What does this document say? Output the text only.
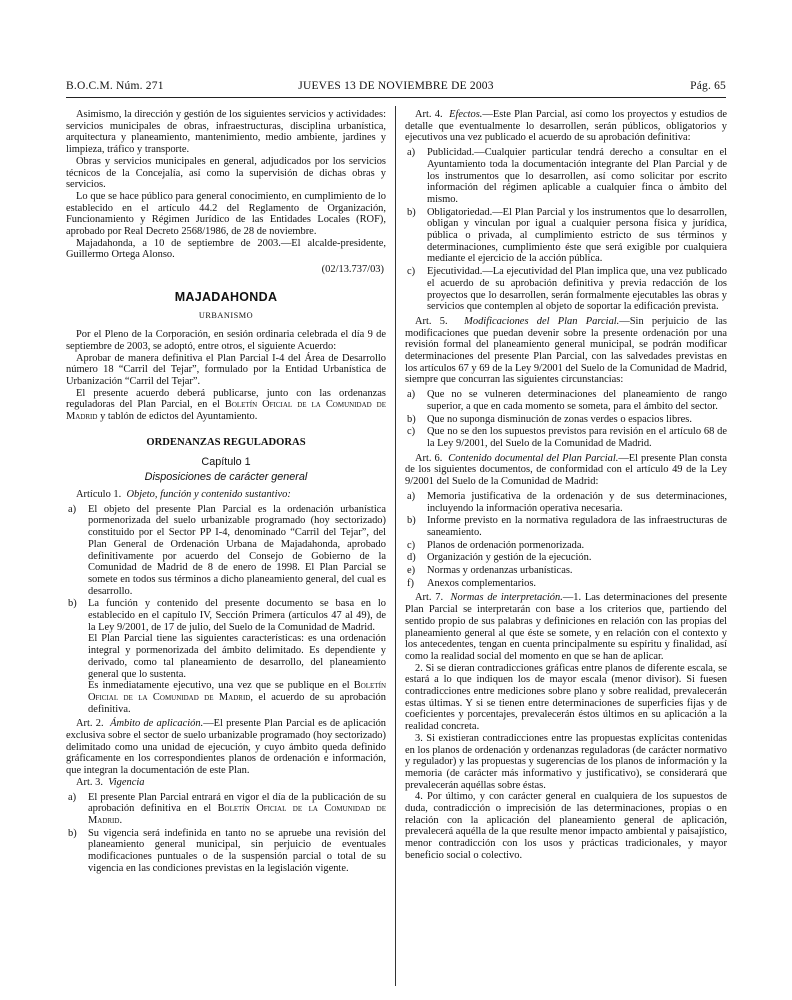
B.O.C.M. Núm. 271	JUEVES 13 DE NOVIEMBRE DE 2003	Pág. 65

Asimismo, la dirección y gestión de los siguientes servicios y actividades: servicios municipales de obras, infraestructuras, disciplina urbanística, arquitectura y planeamiento, mantenimiento, medio ambiente, jardines y limpieza, tráfico y transporte.

Obras y servicios municipales en general, adjudicados por los servicios técnicos de la Concejalía, así como la supervisión de dichas obras y servicios.

Lo que se hace público para general conocimiento, en cumplimiento de lo establecido en el artículo 44.2 del Reglamento de Organización, Funcionamiento y Régimen Jurídico de las Entidades Locales (ROF), aprobado por Real Decreto 2568/1986, de 28 de noviembre.

Majadahonda, a 10 de septiembre de 2003.—El alcalde-presidente, Guillermo Ortega Alonso.

(02/13.737/03)

MAJADAHONDA
URBANISMO

Por el Pleno de la Corporación, en sesión ordinaria celebrada el día 9 de septiembre de 2003, se adoptó, entre otros, el siguiente Acuerdo:

Aprobar de manera definitiva el Plan Parcial I-4 del Área de Desarrollo número 18 “Carril del Tejar”, formulado por la Entidad Urbanística de Urbanización “Carril del Tejar”.

El presente acuerdo deberá publicarse, junto con las ordenanzas reguladoras del Plan Parcial, en el Boletín Oficial de la Comunidad de Madrid y tablón de edictos del Ayuntamiento.

ORDENANZAS REGULADORAS
Capítulo 1
Disposiciones de carácter general

Artículo 1. Objeto, función y contenido sustantivo:

a)	El objeto del presente Plan Parcial es la ordenación urbanística pormenorizada del suelo urbanizable programado (hoy sectorizado) constituido por el Sector PP I-4, denominado “Carril del Tejar”, del Plan General de Ordenación Urbana de Majadahonda, aprobado definitivamente por acuerdo del Consejo de Gobierno de la Comunidad de Madrid de 8 de enero de 1998. El Plan Parcial se somete en todos sus términos a dicho planeamiento general, del cual es desarrollo.
b)	La función y contenido del presente documento se basa en lo establecido en el capítulo IV, Sección Primera (artículos 47 al 49), de la Ley 9/2001, de 17 de julio, del Suelo de la Comunidad de Madrid.

El Plan Parcial tiene las siguientes características: es una ordenación integral y pormenorizada del ámbito delimitado. Es dependiente y derivado, como tal planeamiento de desarrollo, del planeamiento general que lo sustenta.

Es inmediatamente ejecutivo, una vez que se publique en el Boletín Oficial de la Comunidad de Madrid, el acuerdo de su aprobación definitiva.

Art. 2. Ámbito de aplicación.—El presente Plan Parcial es de aplicación exclusiva sobre el sector de suelo urbanizable programado (hoy sectorizado) delimitado como una unidad de ejecución, y cuyo ámbito queda definido gráficamente en los correspondientes planos de ordenación e información, que integran la documentación de este Plan.

Art. 3. Vigencia

a)	El presente Plan Parcial entrará en vigor el día de la publicación de su aprobación definitiva en el Boletín Oficial de la Comunidad de Madrid.
b)	Su vigencia será indefinida en tanto no se apruebe una revisión del planeamiento general municipal, sin perjuicio de eventuales modificaciones puntuales o de la suspensión parcial o total de su vigencia en las condiciones previstas en la legislación vigente.

Art. 4. Efectos.—Este Plan Parcial, así como los proyectos y estudios de detalle que eventualmente lo desarrollen, serán públicos, obligatorios y ejecutivos una vez publicado el acuerdo de su aprobación definitiva:

a)	Publicidad.—Cualquier particular tendrá derecho a consultar en el Ayuntamiento toda la documentación integrante del Plan Parcial y de los instrumentos que lo desarrollen, así como solicitar por escrito información del régimen aplicable a cualquier finca o ámbito del mismo.
b)	Obligatoriedad.—El Plan Parcial y los instrumentos que lo desarrollen, obligan y vinculan por igual a cualquier persona física y jurídica, pública o privada, al cumplimiento estricto de sus términos y determinaciones, cumplimiento éste que será exigible por cualquiera mediante el ejercicio de la acción pública.
c)	Ejecutividad.—La ejecutividad del Plan implica que, una vez publicado el acuerdo de su aprobación definitiva y previa redacción de los proyectos que lo desarrollen, serán formalmente ejecutables las obras y servicios que contemplen al objeto de soportar la edificación prevista.

Art. 5. Modificaciones del Plan Parcial.—Sin perjuicio de las modificaciones que puedan devenir sobre la presente ordenación por una revisión formal del planeamiento general municipal, se podrán modificar determinaciones del presente Plan Parcial, con las salvedades previstas en los artículos 67 y 69 de la Ley 9/2001 del Suelo de la Comunidad de Madrid, siempre que concurran las siguientes circunstancias:

a)	Que no se vulneren determinaciones del planeamiento de rango superior, a que en cada momento se someta, para el ámbito del sector.
b)	Que no suponga disminución de zonas verdes o espacios libres.
c)	Que no se den los supuestos previstos para revisión en el artículo 68 de la Ley 9/2001, del Suelo de la Comunidad de Madrid.

Art. 6. Contenido documental del Plan Parcial.—El presente Plan consta de los siguientes documentos, de conformidad con el artículo 49 de la Ley 9/2001 del Suelo de la Comunidad de Madrid:

a)	Memoria justificativa de la ordenación y de sus determinaciones, incluyendo la información operativa necesaria.
b)	Informe previsto en la normativa reguladora de las infraestructuras de saneamiento.
c)	Planos de ordenación pormenorizada.
d)	Organización y gestión de la ejecución.
e)	Normas y ordenanzas urbanísticas.
f)	Anexos complementarios.

Art. 7. Normas de interpretación.—1. Las determinaciones del presente Plan Parcial se interpretarán con base a los criterios que, partiendo del sentido propio de sus palabras y definiciones en relación con las propias del planeamiento general al que éste se somete, y en relación con el contexto y los antecedentes, tengan en cuenta principalmente su espíritu y finalidad, así como la realidad social del momento en que se han de aplicar.

2. Si se dieran contradicciones gráficas entre planos de diferente escala, se estará a lo que indiquen los de mayor escala (menor divisor). Si fuesen contradicciones entre mediciones sobre plano y sobre realidad, prevalecerán estas últimas. Y si se tienen entre determinaciones de superficies fijas y de coeficientes y porcentajes, prevalecerán éstos últimos en su aplicación a la realidad concreta.

3. Si existieran contradicciones entre las propuestas explícitas contenidas en los planos de ordenación y ordenanzas reguladoras (de carácter normativo y regulador) y las propuestas y sugerencias de los planos de información y la memoria (de carácter más informativo y justificativo), se considerará que prevalecerán aquéllas sobre éstas.

4. Por último, y con carácter general en cualquiera de los supuestos de duda, contradicción o imprecisión de las determinaciones, propias o en relación con la aplicación del planeamiento general de aplicación, prevalecerá aquélla de la que resulte menor impacto ambiental y paisajístico, menor contradicción con los usos y prácticas tradicionales, y mayor beneficio social o colectivo.
